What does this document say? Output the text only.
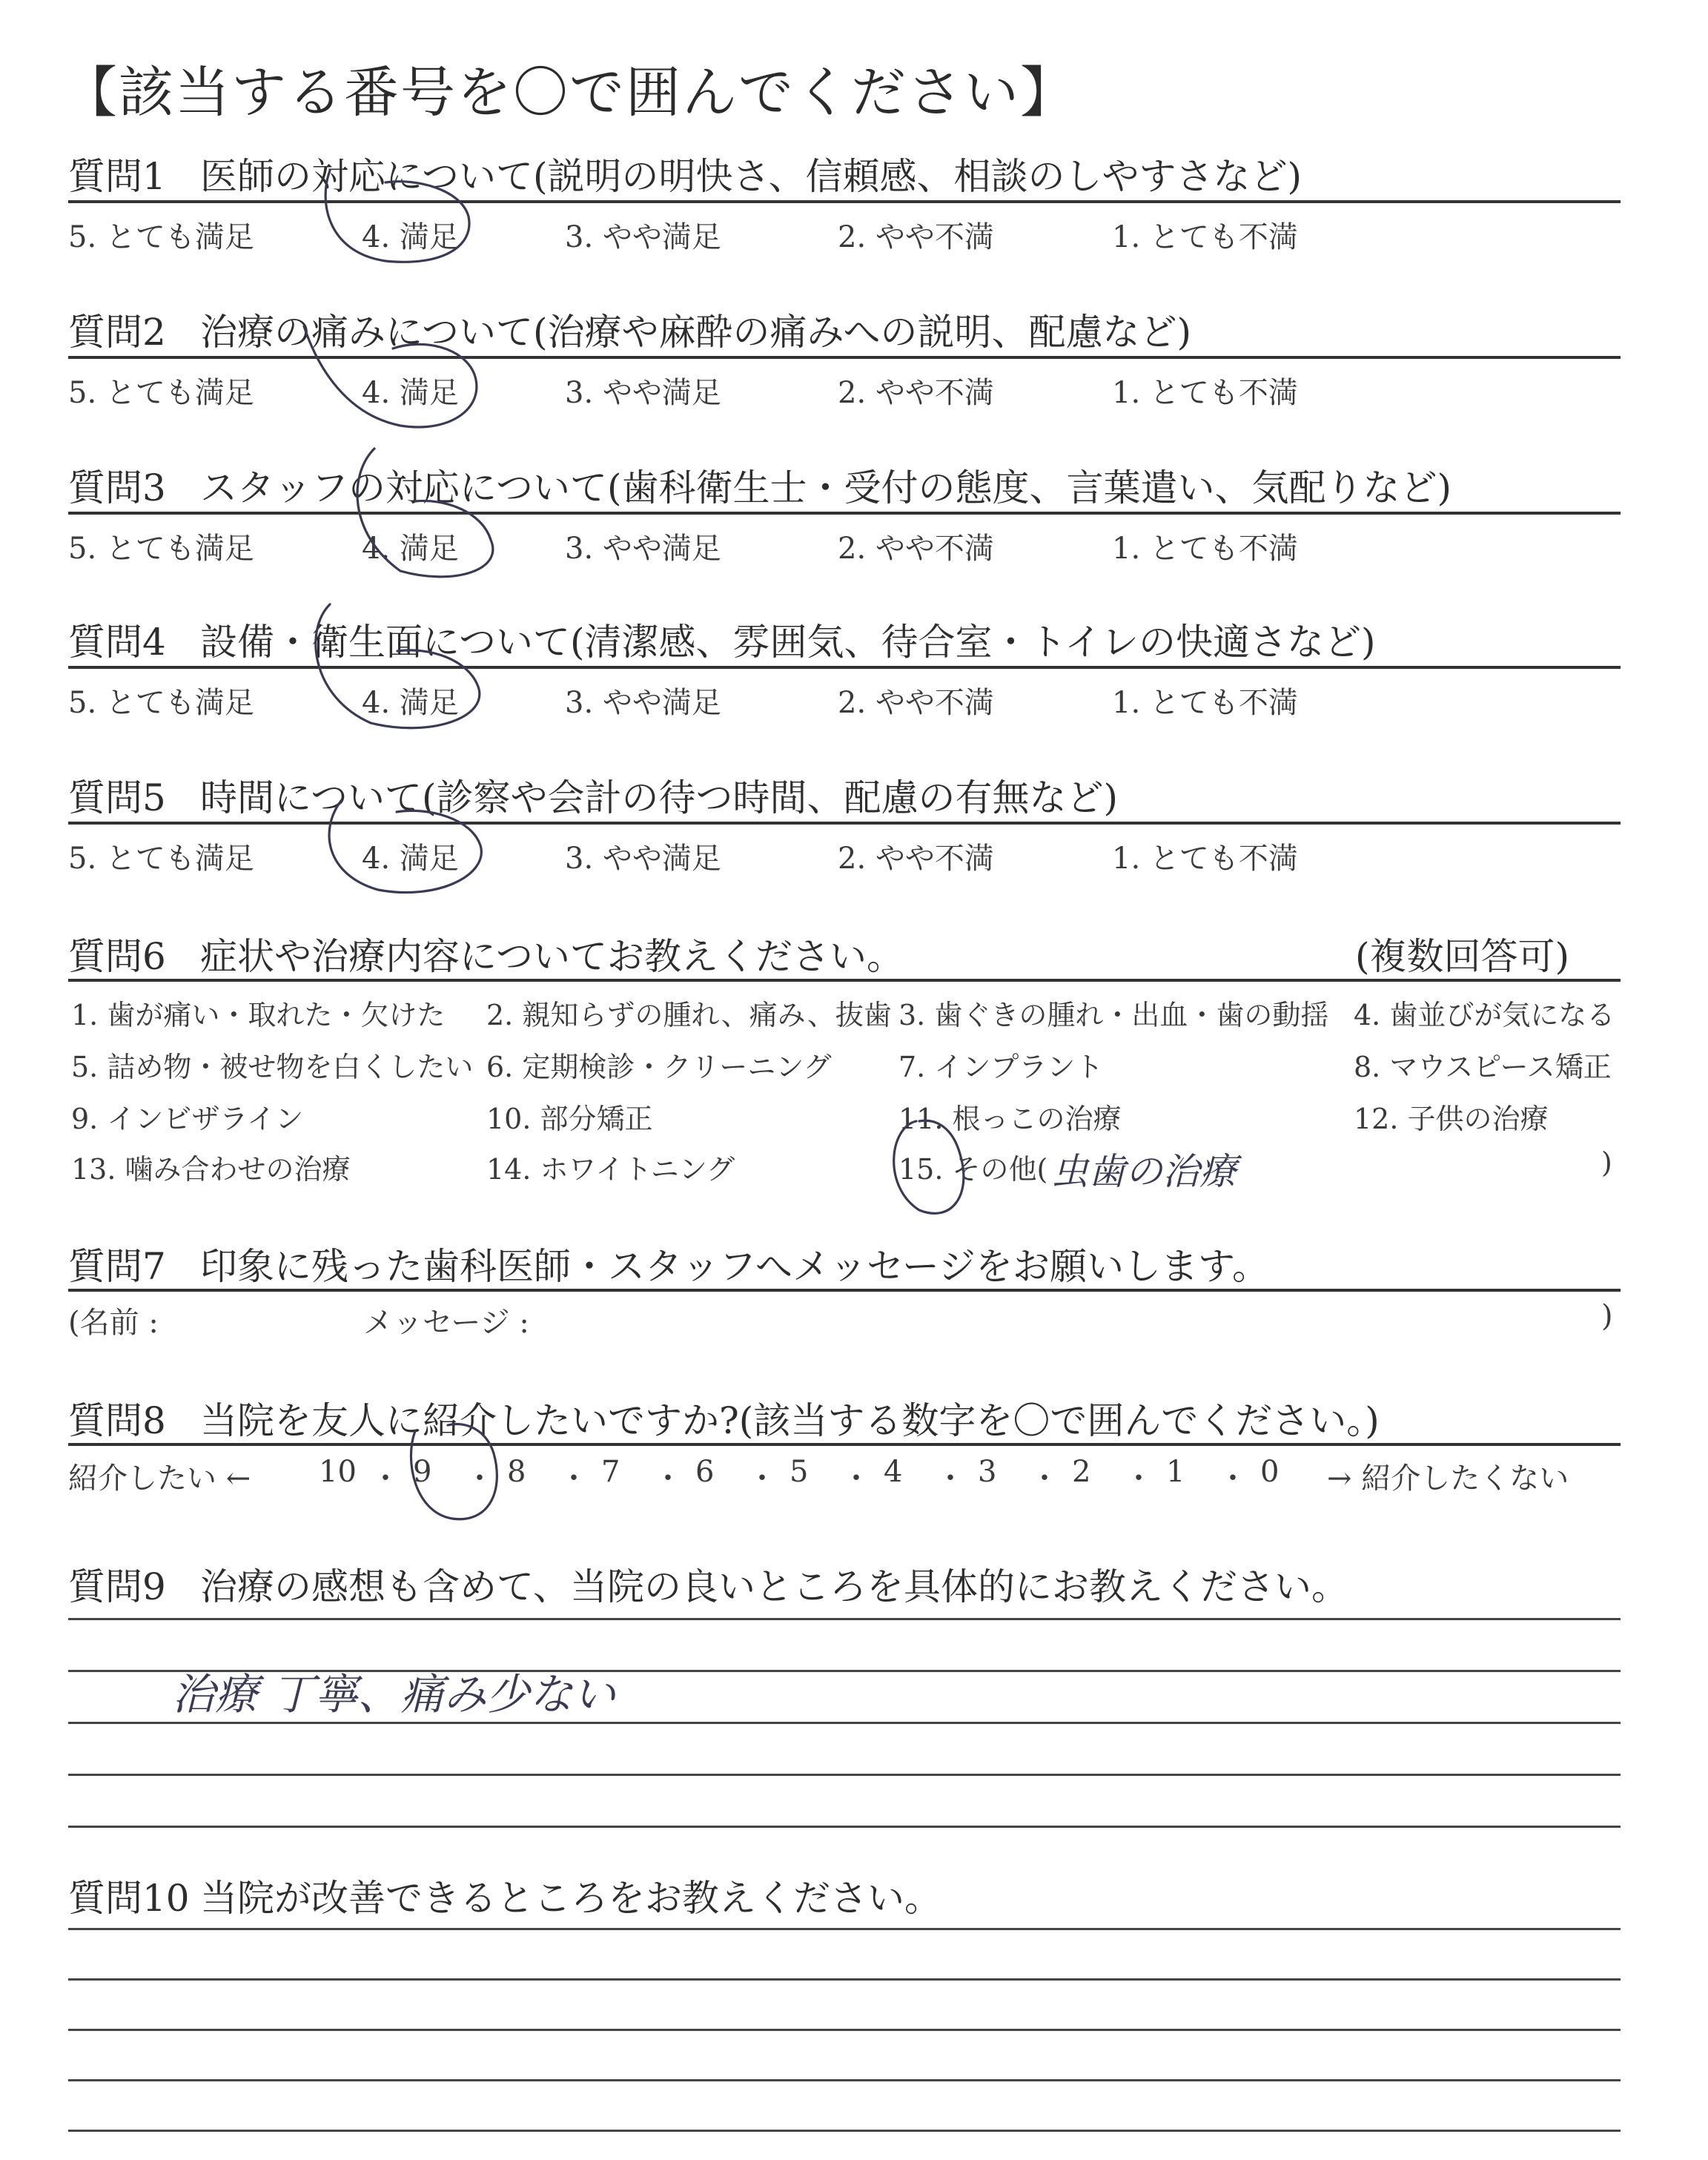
【該当する番号を〇で囲んでください】
質問1 医師の対応について(説明の明快さ、信頼感、相談のしやすさなど)
5. とても満足	4. 満足	3. やや満足	2. やや不満	1. とても不満
質問2 治療の痛みについて(治療や麻酔の痛みへの説明、配慮など)
5. とても満足	4. 満足	3. やや満足	2. やや不満	1. とても不満
質問3 スタッフの対応について(歯科衛生士・受付の態度、言葉遣い、気配りなど)
5. とても満足	4. 満足	3. やや満足	2. やや不満	1. とても不満
質問4 設備・衛生面について(清潔感、雰囲気、待合室・トイレの快適さなど)
5. とても満足	4. 満足	3. やや満足	2. やや不満	1. とても不満
質問5 時間について(診察や会計の待つ時間、配慮の有無など)
5. とても満足	4. 満足	3. やや満足	2. やや不満	1. とても不満
質問6 症状や治療内容についてお教えください。	(複数回答可)
1. 歯が痛い・取れた・欠けた 2. 親知らずの腫れ、痛み、抜歯 3. 歯ぐきの腫れ・出血・歯の動揺 4. 歯並びが気になる
5. 詰め物・被せ物を白くしたい 6. 定期検診・クリーニング 7. インプラント	8. マウスピース矯正
9. インビザライン	10. 部分矯正	11. 根っこの治療	12. 子供の治療
13. 噛み合わせの治療	14. ホワイトニング	15. その他(	)
虫歯の治療
質問7 印象に残った歯科医師・スタッフへメッセージをお願いします。
(名前 :	メッセージ :	)
質問8 当院を友人に紹介したいですか?(該当する数字を〇で囲んでください。)
紹介したい ←	→ 紹介したくない
10 ・ 9 ・ 8 ・ 7 ・ 6 ・ 5 ・ 4 ・ 3 ・ 2 ・ 1 ・ 0
質問9 治療の感想も含めて、当院の良いところを具体的にお教えください。
治療 丁寧、痛み少ない
質問10 当院が改善できるところをお教えください。
